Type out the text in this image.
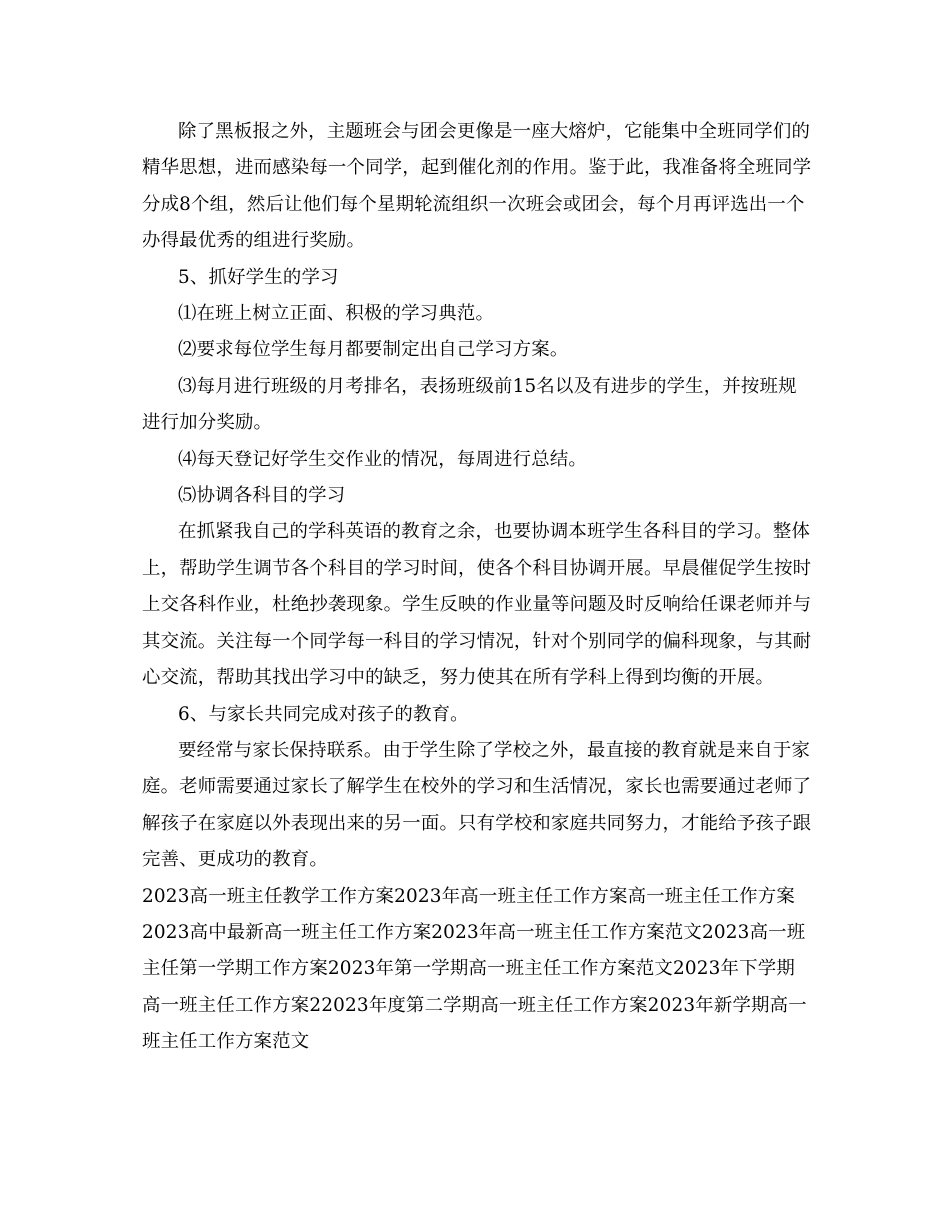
除了黑板报之外，主题班会与团会更像是一座大熔炉，它能集中全班同学们的精华思想，进而感染每一个同学，起到催化剂的作用。鉴于此，我准备将全班同学分成8个组，然后让他们每个星期轮流组织一次班会或团会，每个月再评选出一个办得最优秀的组进行奖励。

5、抓好学生的学习

⑴在班上树立正面、积极的学习典范。

⑵要求每位学生每月都要制定出自己学习方案。

⑶每月进行班级的月考排名，表扬班级前15名以及有进步的学生，并按班规进行加分奖励。

⑷每天登记好学生交作业的情况，每周进行总结。

⑸协调各科目的学习

在抓紧我自己的学科英语的教育之余，也要协调本班学生各科目的学习。整体上，帮助学生调节各个科目的学习时间，使各个科目协调开展。早晨催促学生按时上交各科作业，杜绝抄袭现象。学生反映的作业量等问题及时反响给任课老师并与其交流。关注每一个同学每一科目的学习情况，针对个别同学的偏科现象，与其耐心交流，帮助其找出学习中的缺乏，努力使其在所有学科上得到均衡的开展。

6、与家长共同完成对孩子的教育。

要经常与家长保持联系。由于学生除了学校之外，最直接的教育就是来自于家庭。老师需要通过家长了解学生在校外的学习和生活情况，家长也需要通过老师了解孩子在家庭以外表现出来的另一面。只有学校和家庭共同努力，才能给予孩子跟完善、更成功的教育。

2023高一班主任教学工作方案2023年高一班主任工作方案高一班主任工作方案2023高中最新高一班主任工作方案2023年高一班主任工作方案范文2023高一班主任第一学期工作方案2023年第一学期高一班主任工作方案范文2023年下学期高一班主任工作方案22023年度第二学期高一班主任工作方案2023年新学期高一班主任工作方案范文
